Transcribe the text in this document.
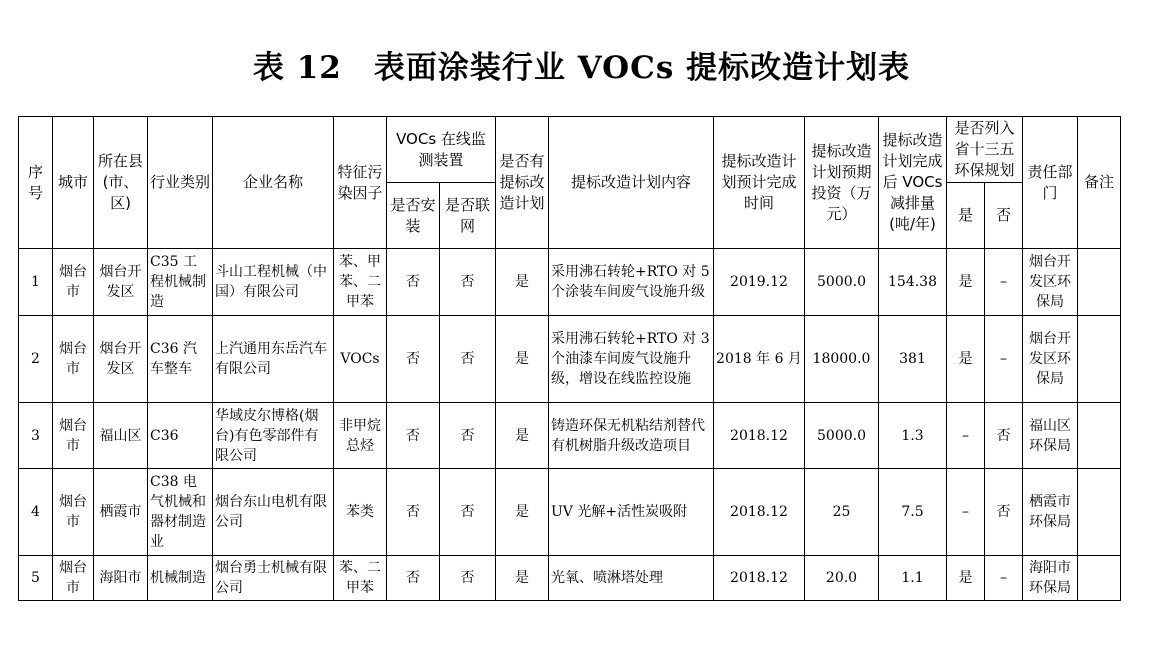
表 12　表面涂装行业 VOCs 提标改造计划表
序号	城市	所在县(市、区)	行业类别	企业名称	特征污染因子	VOCs 在线监测装置		是否有提标改造计划	提标改造计划内容	提标改造计划预计完成时间	提标改造计划预期投资（万元）	提标改造计划完成后 VOCs 减排量(吨/年)	是否列入省十三五环保规划		责任部门	备注
						是否安装	是否联网						是	否		
1	烟台市	烟台开发区	C35 工程机械制造	斗山工程机械（中国）有限公司	苯、甲苯、二甲苯	否	否	是	采用沸石转轮+RTO 对 5 个涂装车间废气设施升级	2019.12	5000.0	154.38	是	–	烟台开发区环保局	
2	烟台市	烟台开发区	C36 汽车整车	上汽通用东岳汽车有限公司	VOCs	否	否	是	采用沸石转轮+RTO 对 3 个油漆车间废气设施升级，增设在线监控设施	2018 年 6 月	18000.0	381	是	–	烟台开发区环保局	
3	烟台市	福山区	C36	华域皮尔博格(烟台)有色零部件有限公司	非甲烷总烃	否	否	是	铸造环保无机粘结剂替代有机树脂升级改造项目	2018.12	5000.0	1.3	–	否	福山区环保局	
4	烟台市	栖霞市	C38 电气机械和器材制造业	烟台东山电机有限公司	苯类	否	否	是	UV 光解+活性炭吸附	2018.12	25	7.5	–	否	栖霞市环保局	
5	烟台市	海阳市	机械制造	烟台勇士机械有限公司	苯、二甲苯	否	否	是	光氧、喷淋塔处理	2018.12	20.0	1.1	是	–	海阳市环保局	
